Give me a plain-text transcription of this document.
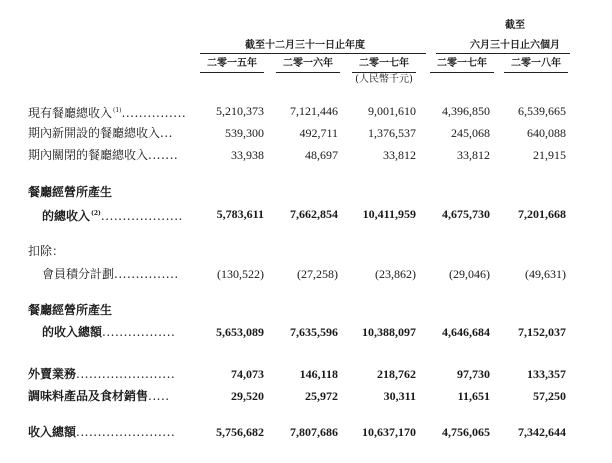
截至十二月三十一日止年度
截至
六月三十日止六個月
二零一五年	二零一六年	二零一七年	二零一七年	二零一八年
(人民幣千元)
現有餐廳總收入$^{(1)}$...............	5,210,373	7,121,446	9,001,610	4,396,850	6,539,665
期內新開設的餐廳總收入...	539,300	492,711	1,376,537	245,068	640,088
期內關閉的餐廳總收入.......	33,938	48,697	33,812	33,812	21,915
餐廳經營所產生
的總收入$^{(2)}$...................	5,783,611	7,662,854	10,411,959	4,675,730	7,201,668
扣除：
會員積分計劃...............	(130,522)	(27,258)	(23,862)	(29,046)	(49,631)
餐廳經營所產生
的收入總額.................	5,653,089	7,635,596	10,388,097	4,646,684	7,152,037
外賣業務.......................	74,073	146,118	218,762	97,730	133,357
調味料產品及食材銷售.....	29,520	25,972	30,311	11,651	57,250
收入總額.......................	5,756,682	7,807,686	10,637,170	4,756,065	7,342,644
